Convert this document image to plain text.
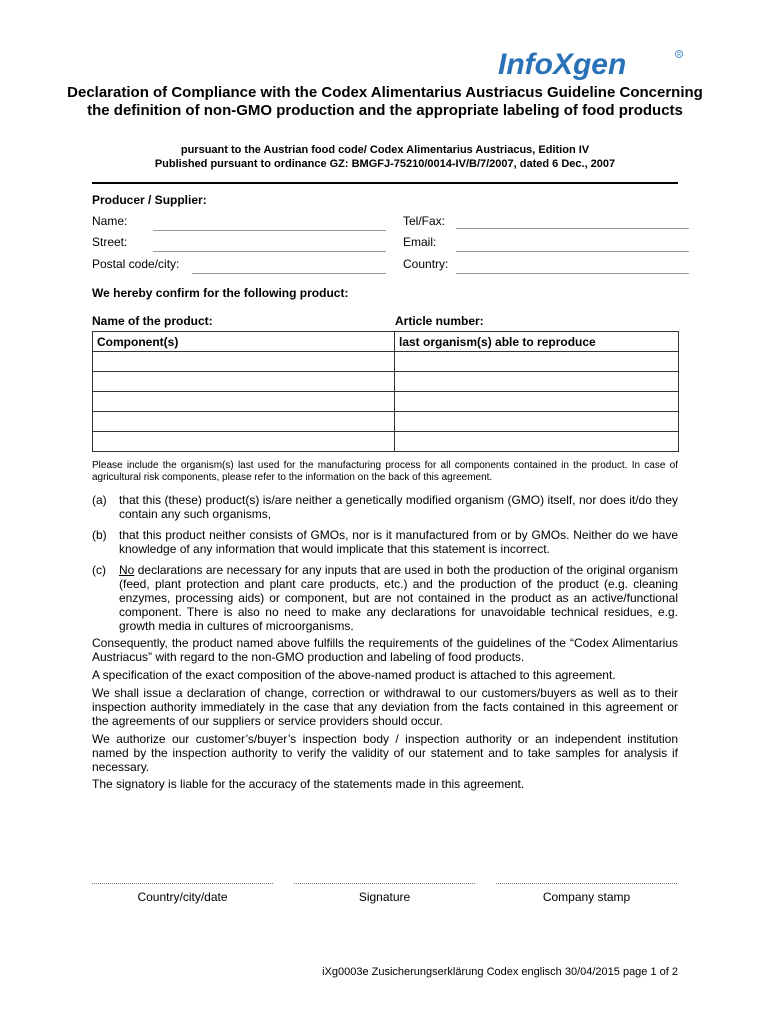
InfoXgen	R
Declaration of Compliance with the Codex Alimentarius Austriacus Guideline Concerning the definition of non-GMO production and the appropriate labeling of food products
pursuant to the Austrian food code/ Codex Alimentarius Austriacus, Edition IV
Published pursuant to ordinance GZ: BMGFJ-75210/0014-IV/B/7/2007, dated 6 Dec., 2007
Producer / Supplier:
Name:
Street:
Postal code/city:
Tel/Fax:
Email:
Country:
We hereby confirm for the following product:
Name of the product:	Article number:
Component(s)	last organism(s) able to reproduce

Please include the organism(s) last used for the manufacturing process for all components contained in the product. In case of agricultural risk components, please refer to the information on the back of this agreement.
(a)	that this (these) product(s) is/are neither a genetically modified organism (GMO) itself, nor does it/do they contain any such organisms,
(b)	that this product neither consists of GMOs, nor is it manufactured from or by GMOs. Neither do we have knowledge of any information that would implicate that this statement is incorrect.
(c)	No declarations are necessary for any inputs that are used in both the production of the original organism (feed, plant protection and plant care products, etc.) and the production of the product (e.g. cleaning enzymes, processing aids) or component, but are not contained in the product as an active/functional component. There is also no need to make any declarations for unavoidable technical residues, e.g. growth media in cultures of microorganisms.
Consequently, the product named above fulfills the requirements of the guidelines of the “Codex Alimentarius Austriacus” with regard to the non-GMO production and labeling of food products.
A specification of the exact composition of the above-named product is attached to this agreement.
We shall issue a declaration of change, correction or withdrawal to our customers/buyers as well as to their inspection authority immediately in the case that any deviation from the facts contained in this agreement or the agreements of our suppliers or service providers should occur.
We authorize our customer’s/buyer’s inspection body / inspection authority or an independent institution named by the inspection authority to verify the validity of our statement and to take samples for analysis if necessary.
The signatory is liable for the accuracy of the statements made in this agreement.
Country/city/date	Signature	Company stamp
iXg0003e Zusicherungserklärung Codex englisch 30/04/2015 page 1 of 2
